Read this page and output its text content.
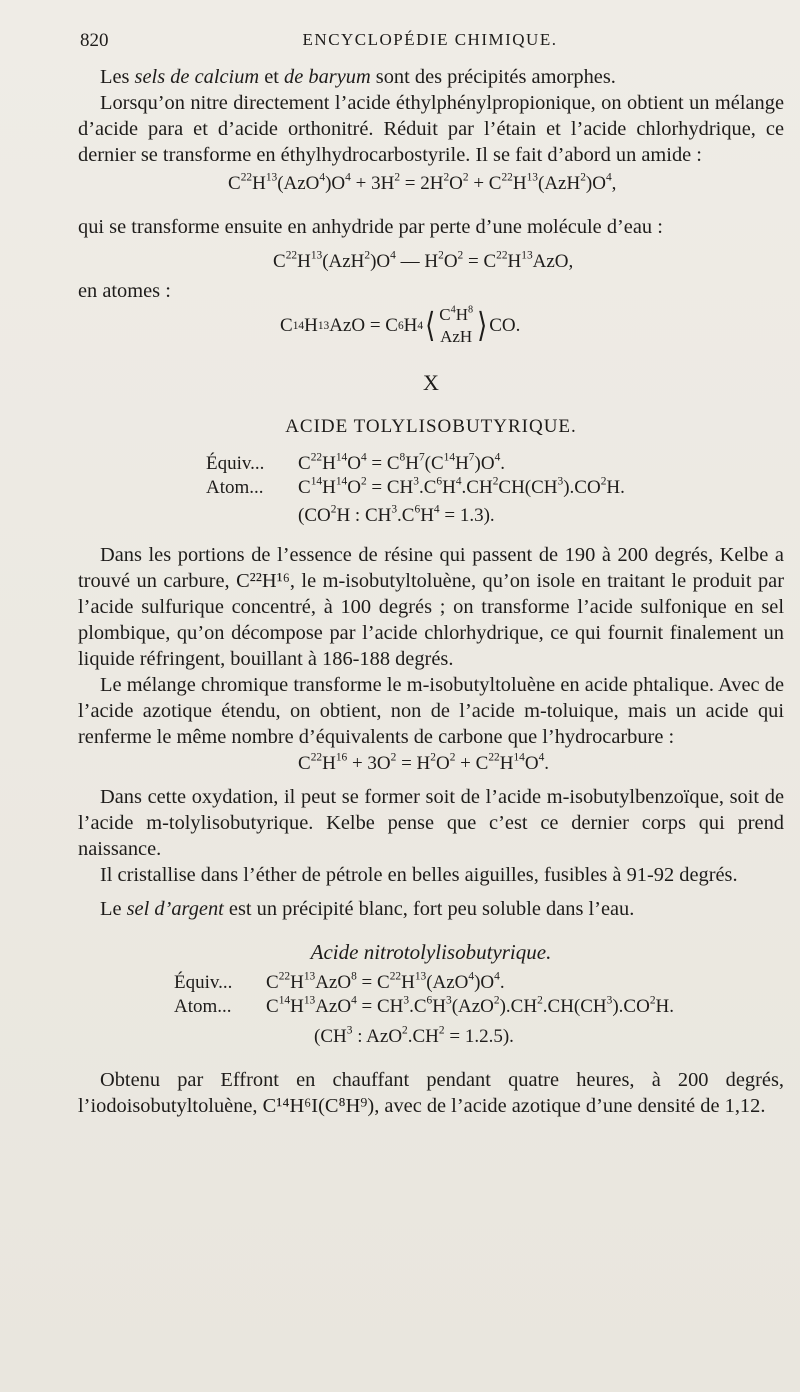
820	ENCYCLOPÉDIE CHIMIQUE.

Les sels de calcium et de baryum sont des précipités amorphes.

Lorsqu’on nitre directement l’acide éthylphénylpropionique, on obtient un mélange d’acide para et d’acide orthonitré. Réduit par l’étain et l’acide chlorhydrique, ce dernier se transforme en éthylhydrocarbostyrile. Il se fait d’abord un amide :

$C^{22}H^{13}(AzO^4)O^4 + 3H^2 = 2H^2O^2 + C^{22}H^{13}(AzH^2)O^4$,

qui se transforme ensuite en anhydride par perte d’une molécule d’eau :

$C^{22}H^{13}(AzH^2)O^4$ — $H^2O^2 = C^{22}H^{13}AzO$,

en atomes :

C 14 H 13 AzO = C 6 H 4 ⟨ $C^4H^8$
AzH ⟩ CO.
X
ACIDE TOLYLISOBUTYRIQUE.
Équiv...	$C^{22}H^{14}O^4 = C^8H^7(C^{14}H^7)O^4$.
Atom...	$C^{14}H^{14}O^2 = CH^3.C^6H^4.CH^2CH(CH^3).CO^2H$.
($CO^2H$ : $CH^3.C^6H^4 = 1.3$).

Dans les portions de l’essence de résine qui passent de 190 à 200 degrés, Kelbe a trouvé un carbure, C²²H¹⁶, le m-isobutyltoluène, qu’on isole en traitant le produit par l’acide sulfurique concentré, à 100 degrés ; on transforme l’acide sulfonique en sel plombique, qu’on décompose par l’acide chlorhydrique, ce qui fournit finalement un liquide réfringent, bouillant à 186-188 degrés.

Le mélange chromique transforme le m-isobutyltoluène en acide phtalique. Avec de l’acide azotique étendu, on obtient, non de l’acide m-toluique, mais un acide qui renferme le même nombre d’équivalents de carbone que l’hydrocarbure :

$C^{22}H^{16} + 3O^2 = H^2O^2 + C^{22}H^{14}O^4$.

Dans cette oxydation, il peut se former soit de l’acide m-isobutylbenzoïque, soit de l’acide m-tolylisobutyrique. Kelbe pense que c’est ce dernier corps qui prend naissance.

Il cristallise dans l’éther de pétrole en belles aiguilles, fusibles à 91-92 degrés.

Le sel d’argent est un précipité blanc, fort peu soluble dans l’eau.

Acide nitrotolylisobutyrique.
Équiv...	$C^{22}H^{13}AzO^8 = C^{22}H^{13}(AzO^4)O^4$.
Atom...	$C^{14}H^{13}AzO^4 = CH^3.C^6H^3(AzO^2).CH^2.CH(CH^3).CO^2H$.
($CH^3$ : $AzO^2.CH^2 = 1.2.5$).

Obtenu par Effront en chauffant pendant quatre heures, à 200 degrés, l’iodoisobutyltoluène, C¹⁴H⁶I(C⁸H⁹), avec de l’acide azotique d’une densité de 1,12.
